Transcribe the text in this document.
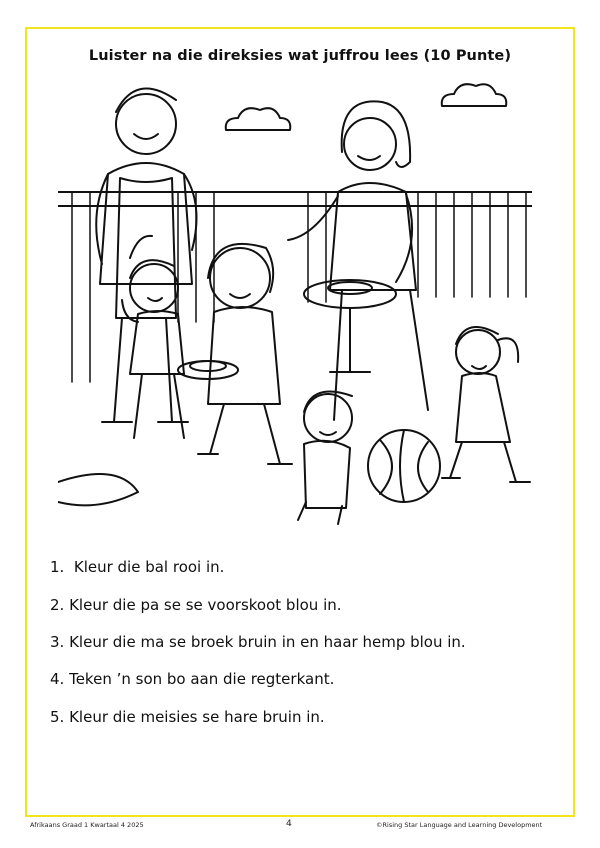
Luister na die direksies wat juffrou lees (10 Punte)
1. Kleur die bal rooi in.
2. Kleur die pa se se voorskoot blou in.
3. Kleur die ma se broek bruin in en haar hemp blou in.
4. Teken ’n son bo aan die regterkant.
5. Kleur die meisies se hare bruin in.
Afrikaans Graad 1 Kwartaal 4 2025	4	©Rising Star Language and Learning Development
